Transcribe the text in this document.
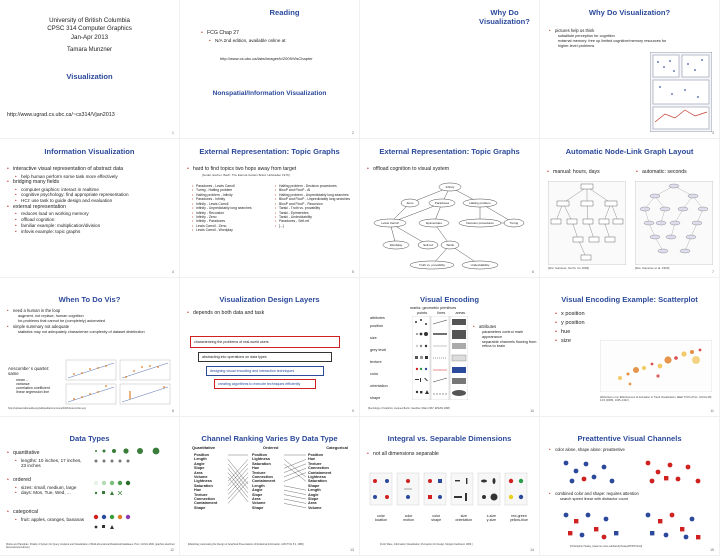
University of British Columbia
CPSC 314 Computer Graphics
Jan-Apr 2013
Tamara Munzner
Visualization
http://www.ugrad.cs.ubc.ca/~cs314/Vjan2013
1
Reading
• FCG Chap 27
• N/A 2nd edition, available online at
http://www.cs.ubc.ca/labs/imager/tr/2009/VisChapter
Nonspatial/Information Visualization
2
Why Do Visualization?
Why Do Visualization?
• pictures help us think
– substitute perception for cognition
– external memory: free up limited cognitive/memory resources for higher-level problems
3
Information Visualization
• interactive visual representation of abstract data
• help human perform some task more effectively
• bridging many fields
• computer graphics: interact in realtime
• cognitive psychology: find appropriate representation
• HCI: use task to guide design and evaluation
• external representation
• reduces load on working memory
• offload cognition
• familiar example: multiplication/division
• infovis example: topic graphs
4
External Representation: Topic Graphs
• hard to find topics two hops away from target
[Godel, Escher, Bach: The Eternal Golden Braid, Hofstadter 1979]
• Paradoxes - Lewis Carroll
• Turing - Halting problem
• Halting problem - Infinity
• Paradoxes - Infinity
• Infinity - Lewis Carroll
• Infinity - Unpredictably long searches
• Infinity - Recursion
• Infinity - Zeno
• Infinity - Paradoxes
• Lewis Carroll - Zeno
• Lewis Carroll - Wordplay
• Halting problem - Decision procedures
• BlooP and FlooP - AI
• Halting problem - Unpredictably long searches
• BlooP and FlooP - Unpredictably long searches
• BlooP and FlooP - Recursion
• Tarski - Truth vs. provability
• Tarski - Epimenides
• Tarski - Undecidability
• Paradoxes - Self-ref
• [...]
5
External Representation: Topic Graphs
• offload cognition to visual system
Infinity
Zeno	Paradoxes	Halting problem
Lewis Carroll	Epimenides	Decision procedures	Turing
Wordplay	Self-ref	Tarski
Truth vs. provability	Undecidability
6
Automatic Node-Link Graph Layout
• manual: hours, days
•	automatic: seconds
[Dot, Gansner, North, Vo 1993]	[Dot, Gansner et al. 1993]
7
When To Do Vis?
• need a human in the loop
– augment, not replace, human cognition
– for problems that cannot be (completely) automated
• simple summary not adequate
– statistics may not adequately characterize complexity of dataset distribution
Anscombe' s quartet: same
– mean
– variance
– correlation coefficient
– linear regression line
http://upload.wikimedia.org/wikipedia/commons/b/b6/Anscombe.svg
8
Visualization Design Layers
• depends on both data and task
characterizing the problems of real-world users
abstracting into operations on data types
designing visual encoding and interaction techniques
creating algorithms to execute techniques efficiently
9
Visual Encoding
marks: geometric primitives
points	lines	areas
attributes
position
size
grey level
texture
color
orientation
shape
• attributes
– parameters control mark appearance
– separable channels flowing from retina to brain
[Semiology of Graphics. Jacques Bertin, Gauthier-Villars 1967, EHESS 1998]
10
Visual Encoding Example: Scatterplot
• x position
• y position
• hue
• size
[Robertson et al. Effectiveness of Animation in Trend Visualization. IEEE TVCG (Proc. InfoVis 08) 14:6 (2008), 1325–1332]
11
Data Types
• quantitative
• lengths: 10 inches, 17 inches, 23 inches
• ordered
• sizes: small, medium, large
• days: Mon, Tue, Wed, ...
• categorical
• fruit: apples, oranges, bananas
[Stolte and Hanrahan. Polaris: A System for Query, Analysis and Visualization of Multi-dimensional Relational Databases. Proc. InfoVis 2000, graphics sketched above/pictured above]
12
Channel Ranking Varies By Data Type
Quantitative	Ordered	Categorical
Position
Length
Angle
Slope
Area
Volume
Lightness
Saturation
Hue
Texture
Connection
Containment
Shape
Position
Lightness
Saturation
Hue
Texture
Connection
Containment
Length
Angle
Slope
Area
Volume
Shape
Position
Hue
Texture
Connection
Containment
Lightness
Saturation
Shape
Length
Angle
Slope
Area
Volume
[Mackinlay, Automating the Design of Graphical Presentations of Relational Information, ACM TOG 5:2, 1986]
13
Integral vs. Separable Dimensions
• not all dimensions separable
color
location
color
motion
color
shape
size
orientation
x-size
y-size
red-green
yellow-blue
[Colin Ware, Information Visualization: Perception for Design. Morgan Kaufmann 1999.]
14
Preattentive Visual Channels
• color alone, shape alone: preattentive
• combined color and shape: requires attention
– search speed linear with distractor count
[Christopher Healey, (www.csc.ncsu.edu/faculty/healey/PP/PP.html)]
15
